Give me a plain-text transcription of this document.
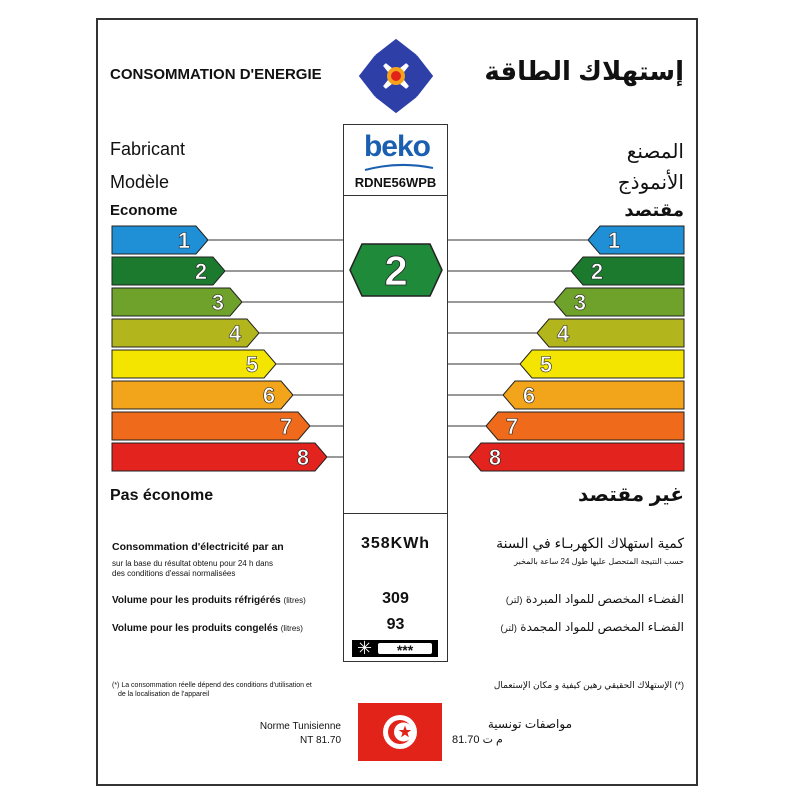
CONSOMMATION D'ENERGIE	إستهلاك الطاقة
beko
RDNE56WPB
Fabricant	المصنع
Modèle	الأنموذج
Econome	مقتصد
1	1
2	2
3	3
4	4
5	5
6	6
7	7
8	8
2
Pas économe	غير مقتصد
Consommation d'électricité par an
sur la base du résultat obtenu pour 24 h dans
des conditions d'essai normalisées
358KWh	كمية استهلاك الكهربـاء في السنة
حسب النتيجة المتحصل عليها طول 24 ساعة بالمخبر
Volume pour les produits réfrigérés (litres)	309	الفضـاء المخصص للمواد المبردة (لتر)
Volume pour les produits congelés (litres)	93	الفضـاء المخصص للمواد المجمدة (لتر)
✳	***
(*) La consommation réelle dépend des conditions d'utilisation et
de la localisation de l'appareil
(*) الإستهلاك الحقيقي رهين كيفية و مكان الإستعمال
Norme Tunisienne
NT 81.70
مواصفات تونسية
م ت 81.70
